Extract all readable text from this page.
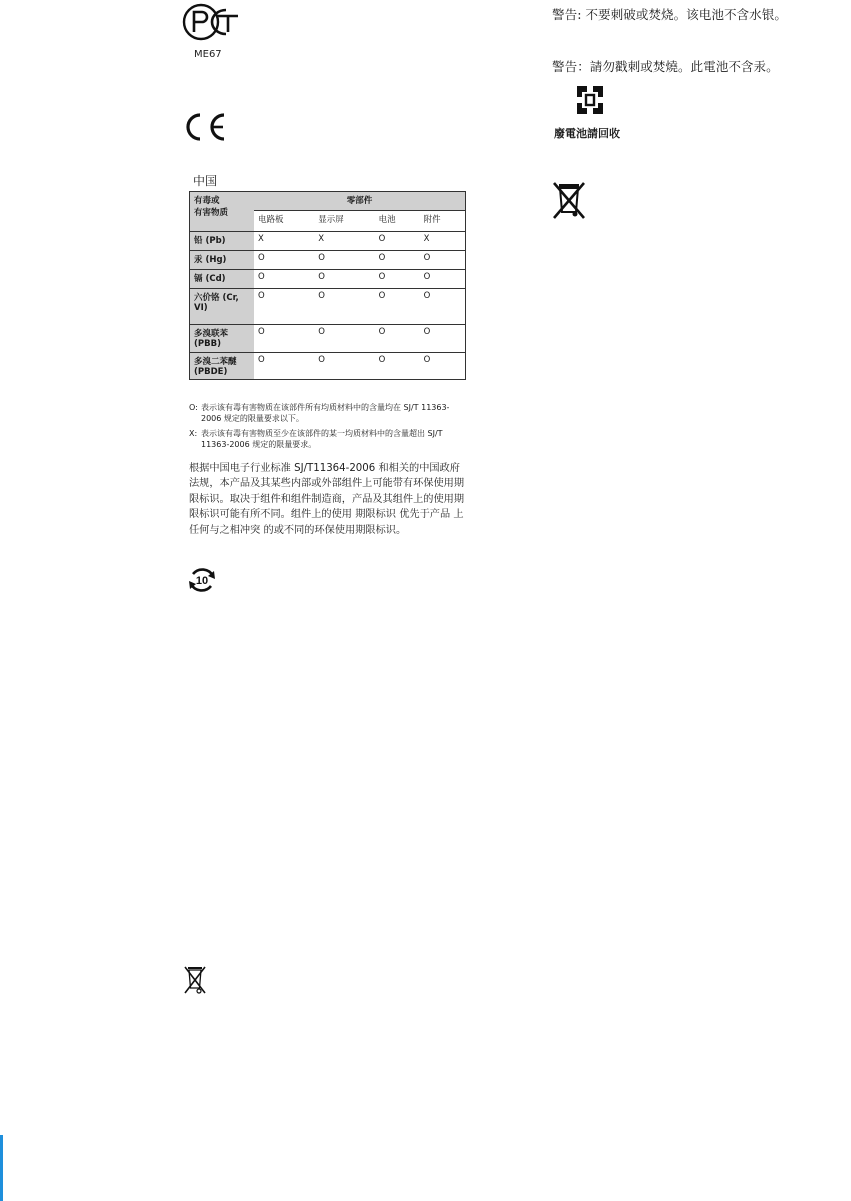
ME67
中国
有毒或
有害物质	零部件			
	电路板	显示屏	电池	附件
铅 (Pb)	X	X	O	X
汞 (Hg)	O	O	O	O
镉 (Cd)	O	O	O	O
六价铬 (Cr, VI)	O	O	O	O
多溴联苯 (PBB)	O	O	O	O
多溴二苯醚 (PBDE)	O	O	O	O
O: 表示该有毒有害物质在该部件所有均质材料中的含量均在 SJ/T 11363-2006 规定的限量要求以下。
X: 表示该有毒有害物质至少在该部件的某一均质材料中的含量超出 SJ/T 11363-2006 规定的限量要求。
根据中国电子行业标准 SJ/T11364-2006 和相关的中国政府法规，本产品及其某些内部或外部组件上可能带有环保使用期限标识。取决于组件和组件制造商，产品及其组件上的使用期限标识可能有所不同。组件上的使用 期限标识 优先于产品 上任何与之相冲突 的或不同的环保使用期限标识。
10
警告: 不要刺破或焚烧。该电池不含水银。
警告：請勿戳刺或焚燒。此電池不含汞。
廢電池請回收
